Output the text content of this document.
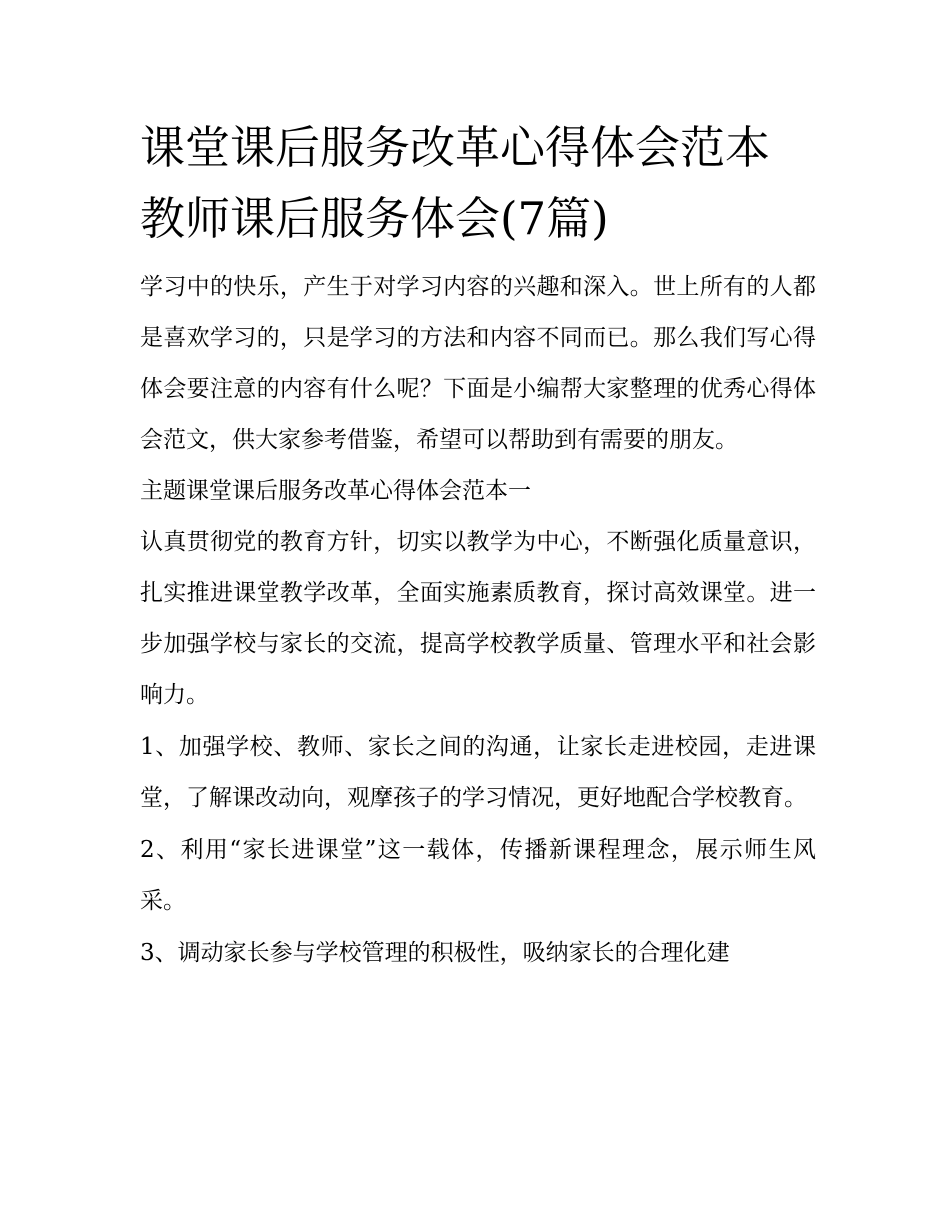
课堂课后服务改革心得体会范本 教师课后服务体会(7篇)

学习中的快乐，产生于对学习内容的兴趣和深入。世上所有的人都是喜欢学习的，只是学习的方法和内容不同而已。那么我们写心得体会要注意的内容有什么呢？下面是小编帮大家整理的优秀心得体会范文，供大家参考借鉴，希望可以帮助到有需要的朋友。

主题课堂课后服务改革心得体会范本一

认真贯彻党的教育方针，切实以教学为中心，不断强化质量意识，扎实推进课堂教学改革，全面实施素质教育，探讨高效课堂。进一步加强学校与家长的交流，提高学校教学质量、管理水平和社会影响力。

1、加强学校、教师、家长之间的沟通，让家长走进校园，走进课堂，了解课改动向，观摩孩子的学习情况，更好地配合学校教育。

2、利用“家长进课堂”这一载体，传播新课程理念，展示师生风采。

3、调动家长参与学校管理的积极性，吸纳家长的合理化建
